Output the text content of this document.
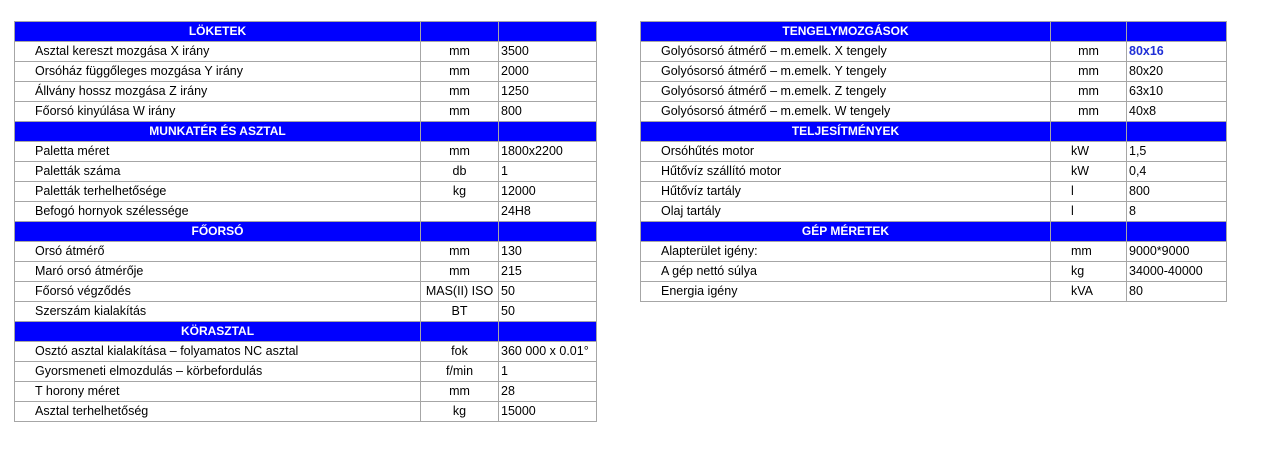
LÖKETEK		
Asztal kereszt mozgása X irány	mm	3500
Orsóház függőleges mozgása Y irány	mm	2000
Állvány hossz mozgása Z irány	mm	1250
Főorsó kinyúlása W irány	mm	800
MUNKATÉR ÉS ASZTAL		
Paletta méret	mm	1800x2200
Paletták száma	db	1
Paletták terhelhetősége	kg	12000
Befogó hornyok szélessége		24H8
FŐORSÓ		
Orsó átmérő	mm	130
Maró orsó átmérője	mm	215
Főorsó végződés	MAS(II) ISO	50
Szerszám kialakítás	BT	50
KÖRASZTAL		
Osztó asztal kialakítása – folyamatos NC asztal	fok	360 000 x 0.01°
Gyorsmeneti elmozdulás – körbefordulás	f/min	1
T horony méret	mm	28
Asztal terhelhetőség	kg	15000
TENGELYMOZGÁSOK		
Golyósorsó átmérő – m.emelk. X tengely	mm	80x16
Golyósorsó átmérő – m.emelk. Y tengely	mm	80x20
Golyósorsó átmérő – m.emelk. Z tengely	mm	63x10
Golyósorsó átmérő – m.emelk. W tengely	mm	40x8
TELJESÍTMÉNYEK		
Orsóhűtés motor	kW	1,5
Hűtővíz szállító motor	kW	0,4
Hűtővíz tartály	l	800
Olaj tartály	l	8
GÉP MÉRETEK		
Alapterület igény:	mm	9000*9000
A gép nettó súlya	kg	34000-40000
Energia igény	kVA	80
